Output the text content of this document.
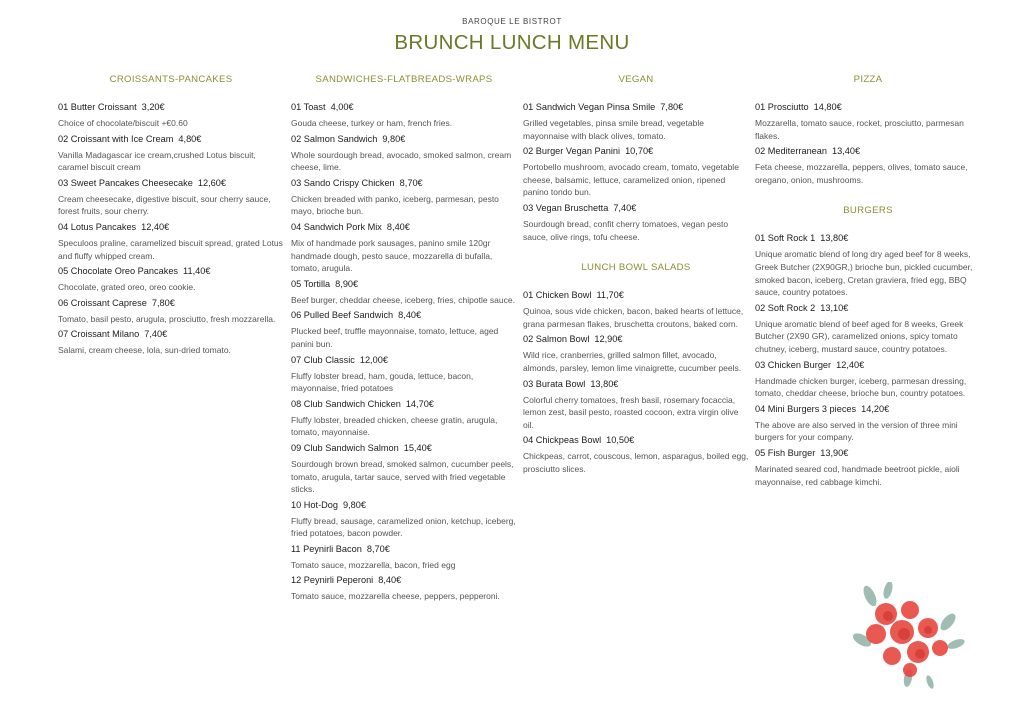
BAROQUE LE BISTROT
BRUNCH LUNCH MENU
CROISSANTS-PANCAKES
01 Butter Croissant 3,20€
Choice of chocolate/biscuit +€0.60
02 Croissant with Ice Cream 4,80€
Vanilla Madagascar ice cream,crushed Lotus biscuit, caramel biscuit cream
03 Sweet Pancakes Cheesecake 12,60€
Cream cheesecake, digestive biscuit, sour cherry sauce, forest fruits, sour cherry.
04 Lotus Pancakes 12,40€
Speculoos praline, caramelized biscuit spread, grated Lotus and fluffy whipped cream.
05 Chocolate Oreo Pancakes 11,40€
Chocolate, grated oreo, oreo cookie.
06 Croissant Caprese 7,80€
Tomato, basil pesto, arugula, prosciutto, fresh mozzarella.
07 Croissant Milano 7,40€
Salami, cream cheese, lola, sun-dried tomato.
SANDWICHES-FLATBREADS-WRAPS
01 Toast 4,00€
Gouda cheese, turkey or ham, french fries.
02 Salmon Sandwich 9,80€
Whole sourdough bread, avocado, smoked salmon, cream cheese, lime.
03 Sando Crispy Chicken 8,70€
Chicken breaded with panko, iceberg, parmesan, pesto mayo, brioche bun.
04 Sandwich Pork Mix 8,40€
Mix of handmade pork sausages, panino smile 120gr handmade dough, pesto sauce, mozzarella di bufalla, tomato, arugula.
05 Tortilla 8,90€
Beef burger, cheddar cheese, iceberg, fries, chipotle sauce.
06 Pulled Beef Sandwich 8,40€
Plucked beef, truffle mayonnaise, tomato, lettuce, aged panini bun.
07 Club Classic 12,00€
Fluffy lobster bread, ham, gouda, lettuce, bacon, mayonnaise, fried potatoes
08 Club Sandwich Chicken 14,70€
Fluffy lobster, breaded chicken, cheese gratin, arugula, tomato, mayonnaise.
09 Club Sandwich Salmon 15,40€
Sourdough brown bread, smoked salmon, cucumber peels, tomato, arugula, tartar sauce, served with fried vegetable sticks.
10 Hot-Dog 9,80€
Fluffy bread, sausage, caramelized onion, ketchup, iceberg, fried potatoes, bacon powder.
11 Peynirli Bacon 8,70€
Tomato sauce, mozzarella, bacon, fried egg
12 Peynirli Peperoni 8,40€
Tomato sauce, mozzarella cheese, peppers, pepperoni.
VEGAN
01 Sandwich Vegan Pinsa Smile 7,80€
Grilled vegetables, pinsa smile bread, vegetable mayonnaise with black olives, tomato.
02 Burger Vegan Panini 10,70€
Portobello mushroom, avocado cream, tomato, vegetable cheese, balsamic, lettuce, caramelized onion, ripened panino tondo bun.
03 Vegan Bruschetta 7,40€
Sourdough bread, confit cherry tomatoes, vegan pesto sauce, olive rings, tofu cheese.
LUNCH BOWL SALADS
01 Chicken Bowl 11,70€
Quinoa, sous vide chicken, bacon, baked hearts of lettuce, grana parmesan flakes, bruschetta croutons, baked corn.
02 Salmon Bowl 12,90€
Wild rice, cranberries, grilled salmon fillet, avocado, almonds, parsley, lemon lime vinaigrette, cucumber peels.
03 Burata Bowl 13,80€
Colorful cherry tomatoes, fresh basil, rosemary focaccia, lemon zest, basil pesto, roasted cocoon, extra virgin olive oil.
04 Chickpeas Bowl 10,50€
Chickpeas, carrot, couscous, lemon, asparagus, boiled egg, prosciutto slices.
PIZZA
01 Prosciutto 14,80€
Mozzarella, tomato sauce, rocket, prosciutto, parmesan flakes.
02 Mediterranean 13,40€
Feta cheese, mozzarella, peppers, olives, tomato sauce, oregano, onion, mushrooms.
BURGERS
01 Soft Rock 1 13,80€
Unique aromatic blend of long dry aged beef for 8 weeks, Greek Butcher (2X90GR,) brioche bun, pickled cucumber, smoked bacon, iceberg, Cretan graviera, fried egg, BBQ sauce, country potatoes.
02 Soft Rock 2 13,10€
Unique aromatic blend of beef aged for 8 weeks, Greek Butcher (2X90 GR), caramelized onions, spicy tomato chutney, iceberg, mustard sauce, country potatoes.
03 Chicken Burger 12,40€
Handmade chicken burger, iceberg, parmesan dressing, tomato, cheddar cheese, brioche bun, country potatoes.
04 Mini Burgers 3 pieces 14,20€
The above are also served in the version of three mini burgers for your company.
05 Fish Burger 13,90€
Marinated seared cod, handmade beetroot pickle, aioli mayonnaise, red cabbage kimchi.
